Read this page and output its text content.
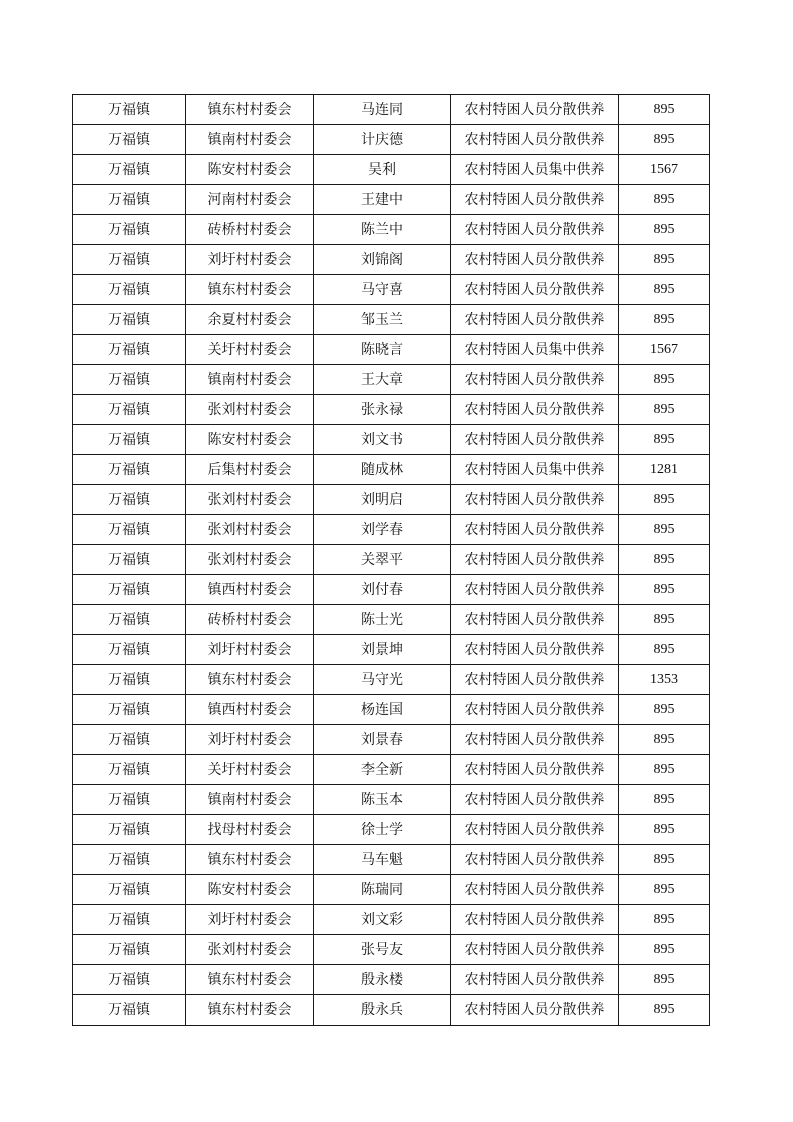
万福镇	镇东村村委会	马连同	农村特困人员分散供养	895
万福镇	镇南村村委会	计庆德	农村特困人员分散供养	895
万福镇	陈安村村委会	吴利	农村特困人员集中供养	1567
万福镇	河南村村委会	王建中	农村特困人员分散供养	895
万福镇	砖桥村村委会	陈兰中	农村特困人员分散供养	895
万福镇	刘圩村村委会	刘锦阁	农村特困人员分散供养	895
万福镇	镇东村村委会	马守喜	农村特困人员分散供养	895
万福镇	余夏村村委会	邹玉兰	农村特困人员分散供养	895
万福镇	关圩村村委会	陈晓言	农村特困人员集中供养	1567
万福镇	镇南村村委会	王大章	农村特困人员分散供养	895
万福镇	张刘村村委会	张永禄	农村特困人员分散供养	895
万福镇	陈安村村委会	刘文书	农村特困人员分散供养	895
万福镇	后集村村委会	随成林	农村特困人员集中供养	1281
万福镇	张刘村村委会	刘明启	农村特困人员分散供养	895
万福镇	张刘村村委会	刘学春	农村特困人员分散供养	895
万福镇	张刘村村委会	关翠平	农村特困人员分散供养	895
万福镇	镇西村村委会	刘付春	农村特困人员分散供养	895
万福镇	砖桥村村委会	陈士光	农村特困人员分散供养	895
万福镇	刘圩村村委会	刘景坤	农村特困人员分散供养	895
万福镇	镇东村村委会	马守光	农村特困人员分散供养	1353
万福镇	镇西村村委会	杨连国	农村特困人员分散供养	895
万福镇	刘圩村村委会	刘景春	农村特困人员分散供养	895
万福镇	关圩村村委会	李全新	农村特困人员分散供养	895
万福镇	镇南村村委会	陈玉本	农村特困人员分散供养	895
万福镇	找母村村委会	徐士学	农村特困人员分散供养	895
万福镇	镇东村村委会	马车魁	农村特困人员分散供养	895
万福镇	陈安村村委会	陈瑞同	农村特困人员分散供养	895
万福镇	刘圩村村委会	刘文彩	农村特困人员分散供养	895
万福镇	张刘村村委会	张号友	农村特困人员分散供养	895
万福镇	镇东村村委会	殷永楼	农村特困人员分散供养	895
万福镇	镇东村村委会	殷永兵	农村特困人员分散供养	895
